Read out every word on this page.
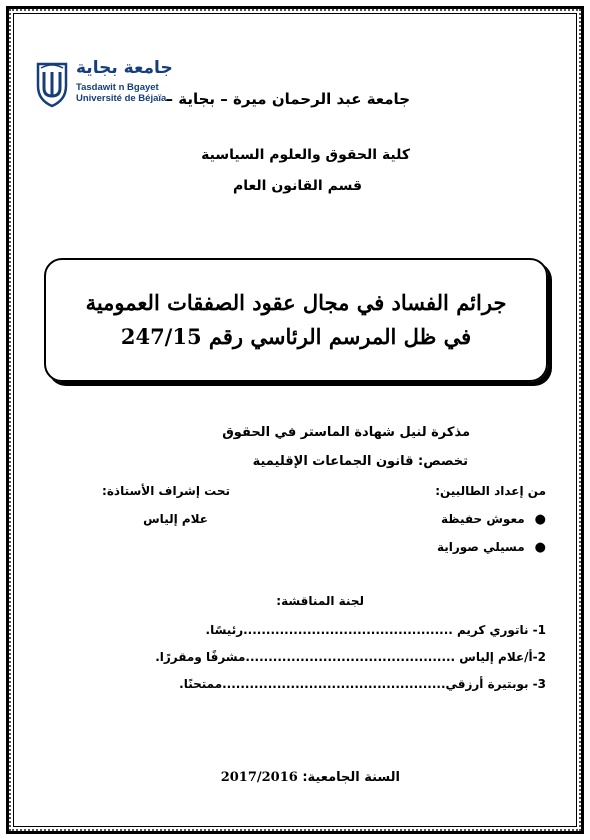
جامعة بجاية
Tasdawit n Bgayet
Université de Béjaïa جامعة عبد الرحمان ميرة – بجاية –
كلية الحقوق والعلوم السياسية
قسم القانون العام
جرائم الفساد في مجال عقود الصفقات العمومية
في ظل المرسم الرئاسي رقم 247/15
مذكرة لنيل شهادة الماستر في الحقوق
تخصص: قانون الجماعات الإقليمية
من إعداد الطالبين:
تحت إشراف الأستاذة:
علام إلياس	●معوش حفيظة
●مسيلي صوراية
لجنة المناقشة:
1- ناتوري كريم ..............................................رئيسًا.
2-أ/علام إلياس ..............................................مشرفًا ومقررًا.
3- بوبتيرة أرزقي.................................................ممتحنًا.
السنة الجامعية: 2017/2016
